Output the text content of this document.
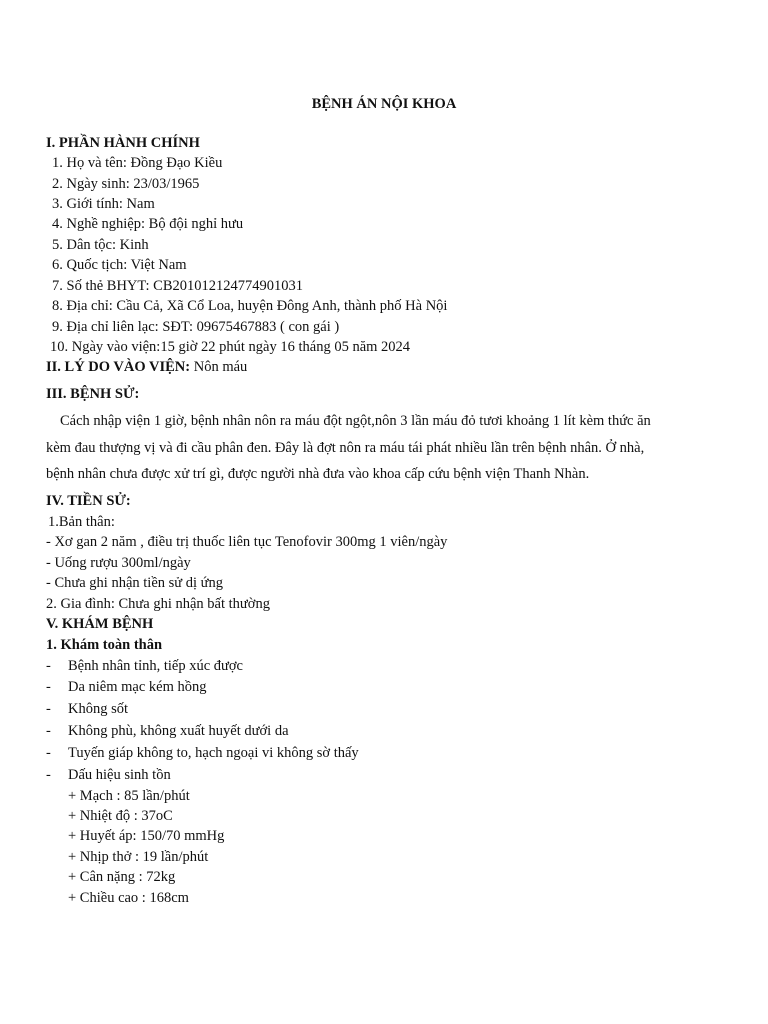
BỆNH ÁN NỘI KHOA
I. PHẦN HÀNH CHÍNH
1. Họ và tên: Đồng Đạo Kiều
2. Ngày sinh: 23/03/1965
3. Giới tính: Nam
4. Nghề nghiệp: Bộ đội nghỉ hưu
5. Dân tộc: Kinh
6. Quốc tịch: Việt Nam
7. Số thẻ BHYT: CB201012124774901031
8. Địa chỉ: Cầu Cả, Xã Cổ Loa, huyện Đông Anh, thành phố Hà Nội
9. Địa chỉ liên lạc: SĐT: 09675467883 ( con gái )
10. Ngày vào viện:15 giờ 22 phút ngày 16 tháng 05 năm 2024
II. LÝ DO VÀO VIỆN: Nôn máu
III. BỆNH SỬ:
Cách nhập viện 1 giờ, bệnh nhân nôn ra máu đột ngột,nôn 3 lần máu đỏ tươi khoảng 1 lít kèm thức ăn
kèm đau thượng vị và đi cầu phân đen. Đây là đợt nôn ra máu tái phát nhiều lần trên bệnh nhân. Ở nhà,
bệnh nhân chưa được xử trí gì, được người nhà đưa vào khoa cấp cứu bệnh viện Thanh Nhàn.
IV. TIỀN SỬ:
1.Bản thân:
- Xơ gan 2 năm , điều trị thuốc liên tục Tenofovir 300mg 1 viên/ngày
- Uống rượu 300ml/ngày
- Chưa ghi nhận tiền sử dị ứng
2. Gia đình: Chưa ghi nhận bất thường
V. KHÁM BỆNH
1. Khám toàn thân
- Bệnh nhân tỉnh, tiếp xúc được
- Da niêm mạc kém hồng
- Không sốt
- Không phù, không xuất huyết dưới da
- Tuyến giáp không to, hạch ngoại vi không sờ thấy
- Dấu hiệu sinh tồn
+ Mạch : 85 lần/phút
+ Nhiệt độ : 37oC
+ Huyết áp: 150/70 mmHg
+ Nhịp thở : 19 lần/phút
+ Cân nặng : 72kg
+ Chiều cao : 168cm
